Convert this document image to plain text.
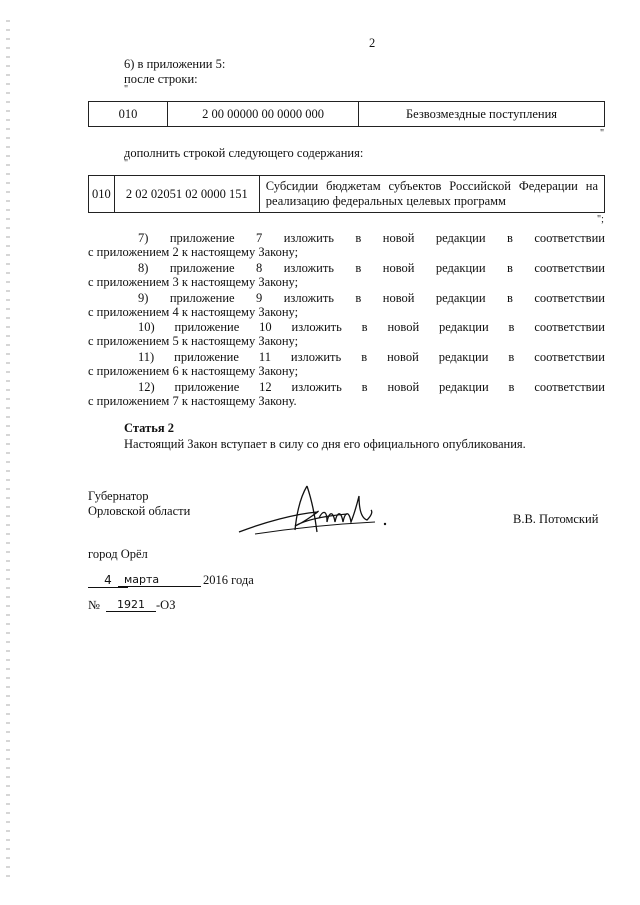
2
6) в приложении 5:
после строки:
"
010	2 00 00000 00 0000 000	Безвозмездные поступления
"
дополнить строкой следующего содержания:
"
010	2 02 02051 02 0000 151	Субсидии бюджетам субъектов Российской Федерации на реализацию федеральных целевых программ
";
7) приложение 7 изложить в новой редакции в соответствии
с приложением 2 к настоящему Закону;
8) приложение 8 изложить в новой редакции в соответствии
с приложением 3 к настоящему Закону;
9) приложение 9 изложить в новой редакции в соответствии
с приложением 4 к настоящему Закону;
10) приложение 10 изложить в новой редакции в соответствии
с приложением 5 к настоящему Закону;
11) приложение 11 изложить в новой редакции в соответствии
с приложением 6 к настоящему Закону;
12) приложение 12 изложить в новой редакции в соответствии
с приложением 7 к настоящему Закону.
Статья 2
Настоящий Закон вступает в силу со дня его официального опубликования.
Губернатор
Орловской области
В.В. Потомский
город Орёл
4	марта	2016 года
№	1921 -ОЗ
